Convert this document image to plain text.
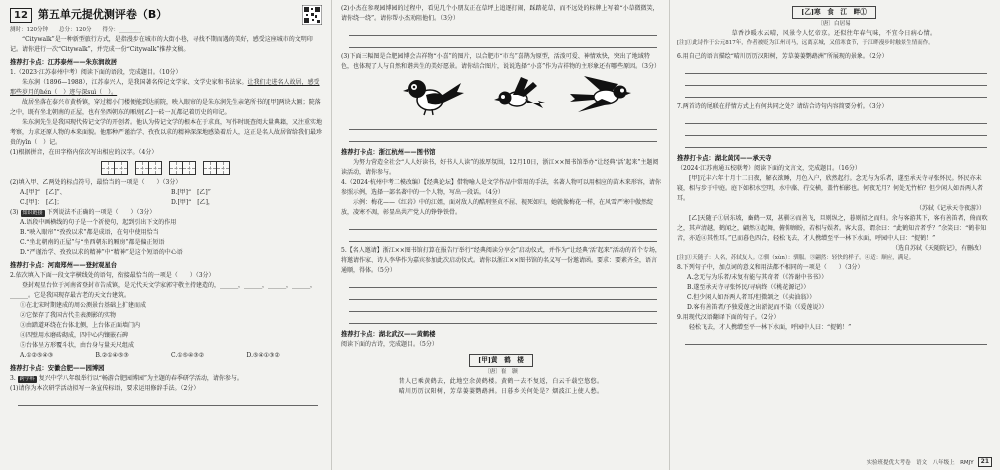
12 第五单元提优测评卷（B）

测时：120分钟　　总分：120分　　得分：________

“Citywalk”是一种新型旅行方式，是指漫步在城市的大街小巷，寻找不期而遇的美好，感受这座城市的文明印记。请你进行一次“Citywalk”，并完成一份“Citywalk”推荐文稿。

推荐打卡点：江苏泰州——朱东润故居

1.（2023·江苏泰州中考）阅读下面的语段，完成题目。（10分）

朱东润（1896—1988），江苏泰兴人，是我国著名传记文学家、文学史家和书法家。让我们走进名人故居，感受那些岁月的hén（　）迹与深suì（　）。

故居坐落在泰兴市黄桥镇，穿过精小门楼便能到达前院，映入眼帘的是朱东润先生亲笔所书的[甲]两块大匾；院落之中，既有坐北朝南的正屋，也有坐西朝东的厢房[乙]一砖一瓦都记着历史的印记。

朱东润先生是我国现代传记文学的开创者。他认为传记文学的根本在于求真，写作时既查阅大量典籍，又注重实地考察，力求还原人物的本来面貌。他那种严谨治学、孜孜以求的精神深深地感染着后人，这正是名人故居留给我们最珍贵的yǐn（　）记。

(1)根据拼音，在田字格内依次写出相应的汉字。（4分）

(2)填入甲、乙两处的标点符号，最恰当的一项是（　　）（3分）

A.[甲]“　[乙]”、	B.[甲]“　[乙]”
C.[甲]：　[乙]；	D.[甲]“　[乙]，

(3) 知识链接 下列说法不正确的一项是（　　）（3分）

A.语段中画横线的句子是一个祈使句，起到引出下文的作用

B.“映入眼帘”“孜孜以求”都是成语，在句中使用恰当

C.“坐北朝南的正屋”与“坐西朝东的厢房”都是偏正短语

D.“严谨治学、孜孜以求的精神”中“精神”是这个短语的中心语

推荐打卡点：河南郑州——登封观星台

2.依次填入下面一段文字横线处的语句，衔接最恰当的一项是（　　）（3分）

登封观星台位于河南省登封市告成镇，是元代天文学家郭守敬主持建造的，______，______，______，______，______。它是我国现存最古老的天文台建筑。

①在北宋时期建成的周公测景台基础上扩建而成

②它保存了我国古代圭表测影的实物

③由踏道环绕在台体北侧，上台体正面墙门内

④四壁用水磨砖砌成，四中心内镶嵌石碑

⑤台体呈方形覆斗状，由台身与量天尺组成

A.①②⑤④③	B.②①④⑤③	C.①⑤④③②	D.⑤④①③②

推荐打卡点：安徽合肥——园博园

3. 跨学科 复兴中学八年级举行以“畅游合肥园博园”为主题的春季研学活动，请你参与。

(1)请你为本次研学活动拟写一条宣传标语，要求运用修辞手法。（2分）

(2)小杰在参观园博园的过程中，看见几个小朋友正在草坪上追逐打闹，踩踏花草，而不远处的标牌上写着“小草微微笑，请你绕一绕”。请你帮小杰劝阻他们。（3分）

(3)下面三幅图是合肥园博会吉祥物“小喜”的图片，以合肥市“市鸟”喜鹊为原型，活泼可爱、神情欢快，突出了地域特色，也体现了人与自然和谐共生的美好愿景。请你结合图片，说说选择“小喜”作为吉祥物的主形象还有哪些原因。（3分）

推荐打卡点：浙江杭州——图书馆

为努力营造全社会“人人好读书，好书人人读”的浓厚氛围，12月10日，浙江××图书馆举办“让经典‘活’起来”主题阅读活动，请你参与。

4.（2024·杭州中考二模改编）【经典论坛】借物喻人是文学作品中常用的手法，名著人物可以用相应的苗木来形容，请你参照示例，选择一部名著中的一个人物，写出一段话。（4分）

示例：梅花——《红岩》中的江姐，面对敌人的酷刑坚贞不屈、视死如归，她就像梅花一样，在风雪严寒中傲然绽放，凌寒不凋，彰显出共产党人的铮铮铁骨。

5.【名人邀请】浙江××图书馆打算在报告厅举行“经典阅读分享会”启动仪式，并作为“让经典‘活’起来”活动的首个专场，将邀请作家、诗人李华作为嘉宾参加此次启动仪式。请你以浙江××图书馆的名义写一份邀请函。要求：要素齐全，语言通顺，得体。（5分）

推荐打卡点：湖北武汉——黄鹤楼

阅读下面的古诗，完成题目。（5分）

[甲]黄　鹤　楼

〔唐〕崔　颢

昔人已乘黄鹤去，此地空余黄鹤楼。黄鹤一去不复返，白云千载空悠悠。

晴川历历汉阳树，芳草萋萋鹦鹉洲。日暮乡关何处是？烟波江上使人愁。

[乙]寒　食　江　畔①

〔唐〕白居易

草香沙暖水云晴，风景令人忆帝京。还似往年春气味，不宜今日病心情。

[注]①此诗作于公元817年，作者被贬为江州司马，远离京城，又值寒食节，于江畔漫步时触景生情而作。

6.用自己的语言描绘“晴川历历汉阳树，芳草萋萋鹦鹉洲”所展现的景象。（2分）

7.两首诗的尾联在抒情方式上有何共同之处？请结合诗句内容简要分析。（3分）

推荐打卡点：湖北黄冈——承天寺

（2024·江苏南通五校联考）阅读下面的文言文，完成题目。（16分）

[甲]元丰六年十月十二日夜，解衣欲睡，月色入户，欣然起行。念无与为乐者，遂至承天寺寻张怀民。怀民亦未寝，相与步于中庭。庭下如积水空明，水中藻、荇交横，盖竹柏影也。何夜无月？何处无竹柏？但少闲人如吾两人者耳。

（苏轼《记承天寺夜游》）

[乙]天随子①居东坡，畜鹤一双，甚驯②而善飞，旦则纵之，暮则招之而归。余与客游其下，客有善笛者，倚而吹之，其声清越，鹤闻之，翩然③起舞，俯仰顾盼，若相与娱者。客大喜，谓余曰：“此鹤知音者乎？”余笑曰：“鹤非知音，亦适④其性耳。”已而暮色四合，轻松飞去，才人携缯至平一林下水面，呼园中人曰：“捉鹤！”

（选自苏轼《天随院记》，有删改）

[注]①天随子：人名，苏轼友人。②驯（xùn）：驯服。③翩然：轻快的样子。④适：顺应，满足。

8.下列句子中，加点词的意义和用法都不相同的一项是（　　）（3分）

A.念无与为乐者/未复有能与其奇者（《答谢中书书》）

B.遂至承天寺寻张怀民/寻病终（《桃花源记》）

C.但少闲人如吾两人者耳/但微颔之（《卖油翁》）

D.客有善笛者/予独爱莲之出淤泥而不染（《爱莲说》）

9.用现代汉语翻译下面的句子。（2分）

轻松飞去，才人携缯至平一林下水面，呼园中人曰：“捉鹤！”

实验班提优大考卷　语文　八年级上　RMJY	21
